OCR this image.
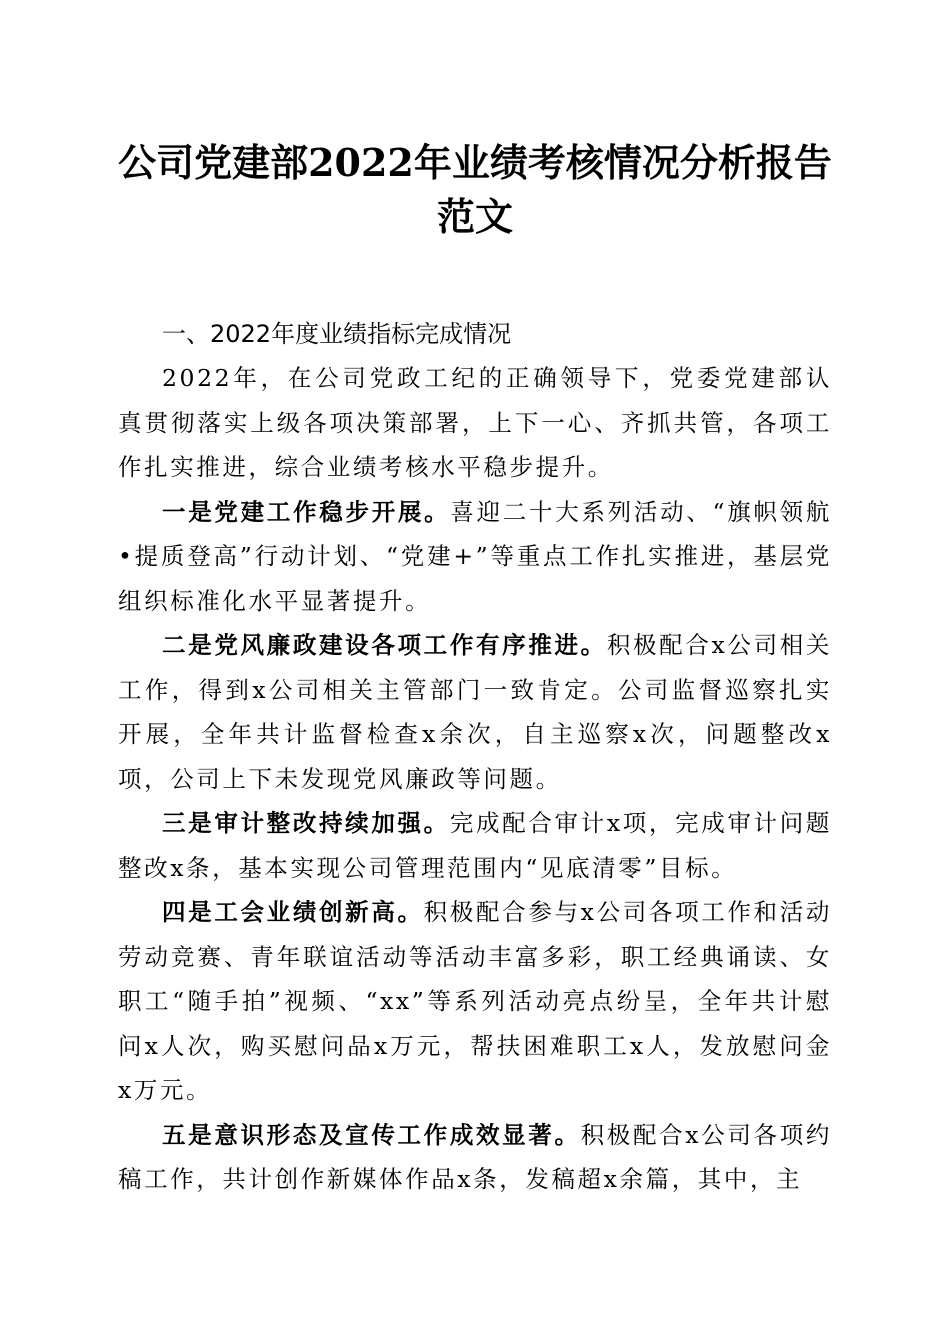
公司党建部2022年业绩考核情况分析报告范文

一、2022年度业绩指标完成情况

2022年，在公司党政工纪的正确领导下，党委党建部认真贯彻落实上级各项决策部署，上下一心、齐抓共管，各项工作扎实推进，综合业绩考核水平稳步提升。

一是党建工作稳步开展。喜迎二十大系列活动、“旗帜领航•提质登高”行动计划、“党建+”等重点工作扎实推进，基层党组织标准化水平显著提升。

二是党风廉政建设各项工作有序推进。积极配合x公司相关工作，得到x公司相关主管部门一致肯定。公司监督巡察扎实开展，全年共计监督检查x余次，自主巡察x次，问题整改x项，公司上下未发现党风廉政等问题。

三是审计整改持续加强。完成配合审计x项，完成审计问题整改x条，基本实现公司管理范围内“见底清零”目标。

四是工会业绩创新高。积极配合参与x公司各项工作和活动劳动竞赛、青年联谊活动等活动丰富多彩，职工经典诵读、女职工“随手拍”视频、“xx”等系列活动亮点纷呈，全年共计慰问x人次，购买慰问品x万元，帮扶困难职工x人，发放慰问金x万元。

五是意识形态及宣传工作成效显著。积极配合x公司各项约稿工作，共计创作新媒体作品x条，发稿超x余篇，其中，主
